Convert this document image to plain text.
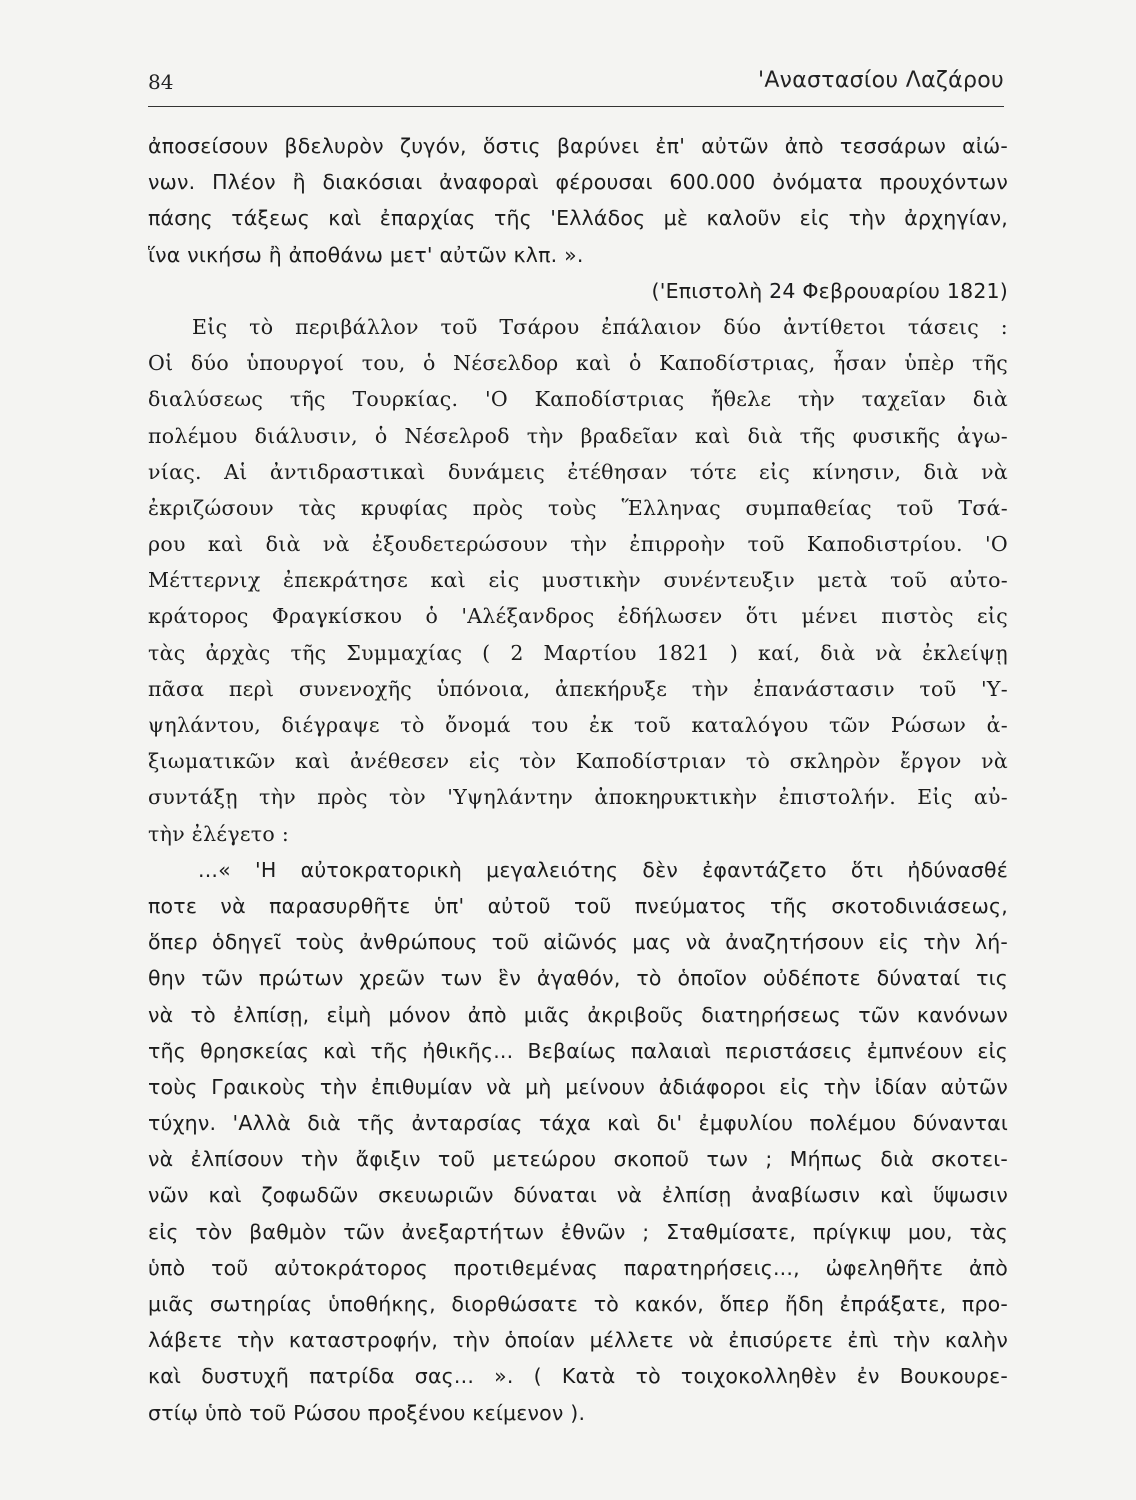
84	'Αναστασίου Λαζάρου
ἀποσείσουν βδελυρὸν ζυγόν, ὅστις βαρύνει ἐπ' αὐτῶν ἀπὸ τεσσάρων αἰώ-
νων. Πλέον ἢ διακόσιαι ἀναφοραὶ φέρουσαι 600.000 ὀνόματα προυχόντων
πάσης τάξεως καὶ ἐπαρχίας τῆς 'Ελλάδος μὲ καλοῦν εἰς τὴν ἀρχηγίαν,
ἵνα νικήσω ἢ ἀποθάνω μετ' αὐτῶν κλπ. ».
('Επιστολὴ 24 Φεβρουαρίου 1821)
Εἰς τὸ περιβάλλον τοῦ Τσάρου ἐπάλαιον δύο ἀντίθετοι τάσεις :
Οἱ δύο ὑπουργοί του, ὁ Νέσελδορ καὶ ὁ Καποδίστριας, ἦσαν ὑπὲρ τῆς
διαλύσεως τῆς Τουρκίας. 'Ο Καποδίστριας ἤθελε τὴν ταχεῖαν διὰ
πολέμου διάλυσιν, ὁ Νέσελροδ τὴν βραδεῖαν καὶ διὰ τῆς φυσικῆς ἀγω-
νίας. Αἱ ἀντιδραστικαὶ δυνάμεις ἐτέθησαν τότε εἰς κίνησιν, διὰ νὰ
ἐκριζώσουν τὰς κρυφίας πρὸς τοὺς Ἕλληνας συμπαθείας τοῦ Τσά-
ρου καὶ διὰ νὰ ἐξουδετερώσουν τὴν ἐπιρροὴν τοῦ Καποδιστρίου. 'Ο
Μέττερνιχ ἐπεκράτησε καὶ εἰς μυστικὴν συνέντευξιν μετὰ τοῦ αὐτο-
κράτορος Φραγκίσκου ὁ 'Αλέξανδρος ἐδήλωσεν ὅτι μένει πιστὸς εἰς
τὰς ἀρχὰς τῆς Συμμαχίας ( 2 Μαρτίου 1821 ) καί, διὰ νὰ ἐκλείψῃ
πᾶσα περὶ συνενοχῆς ὑπόνοια, ἀπεκήρυξε τὴν ἐπανάστασιν τοῦ 'Υ-
ψηλάντου, διέγραψε τὸ ὄνομά του ἐκ τοῦ καταλόγου τῶν Ρώσων ἀ-
ξιωματικῶν καὶ ἀνέθεσεν εἰς τὸν Καποδίστριαν τὸ σκληρὸν ἔργον νὰ
συντάξῃ τὴν πρὸς τὸν 'Υψηλάντην ἀποκηρυκτικὴν ἐπιστολήν. Εἰς αὐ-
τὴν ἐλέγετο :
...« 'Η αὐτοκρατορικὴ μεγαλειότης δὲν ἐφαντάζετο ὅτι ἠδύνασθέ
ποτε νὰ παρασυρθῆτε ὑπ' αὐτοῦ τοῦ πνεύματος τῆς σκοτοδινιάσεως,
ὅπερ ὁδηγεῖ τοὺς ἀνθρώπους τοῦ αἰῶνός μας νὰ ἀναζητήσουν εἰς τὴν λή-
θην τῶν πρώτων χρεῶν των ἓν ἀγαθόν, τὸ ὁποῖον οὐδέποτε δύναταί τις
νὰ τὸ ἐλπίσῃ, εἰμὴ μόνον ἀπὸ μιᾶς ἀκριβοῦς διατηρήσεως τῶν κανόνων
τῆς θρησκείας καὶ τῆς ἠθικῆς... Βεβαίως παλαιαὶ περιστάσεις ἐμπνέουν εἰς
τοὺς Γραικοὺς τὴν ἐπιθυμίαν νὰ μὴ μείνουν ἀδιάφοροι εἰς τὴν ἰδίαν αὐτῶν
τύχην. 'Αλλὰ διὰ τῆς ἀνταρσίας τάχα καὶ δι' ἐμφυλίου πολέμου δύνανται
νὰ ἐλπίσουν τὴν ἄφιξιν τοῦ μετεώρου σκοποῦ των ; Μήπως διὰ σκοτει-
νῶν καὶ ζοφωδῶν σκευωριῶν δύναται νὰ ἐλπίσῃ ἀναβίωσιν καὶ ὕψωσιν
εἰς τὸν βαθμὸν τῶν ἀνεξαρτήτων ἐθνῶν ; Σταθμίσατε, πρίγκιψ μου, τὰς
ὑπὸ τοῦ αὐτοκράτορος προτιθεμένας παρατηρήσεις..., ὠφεληθῆτε ἀπὸ
μιᾶς σωτηρίας ὑποθήκης, διορθώσατε τὸ κακόν, ὅπερ ἤδη ἐπράξατε, προ-
λάβετε τὴν καταστροφήν, τὴν ὁποίαν μέλλετε νὰ ἐπισύρετε ἐπὶ τὴν καλὴν
καὶ δυστυχῆ πατρίδα σας... ». ( Κατὰ τὸ τοιχοκολληθὲν ἐν Βουκουρε-
στίῳ ὑπὸ τοῦ Ρώσου προξένου κείμενον ).
